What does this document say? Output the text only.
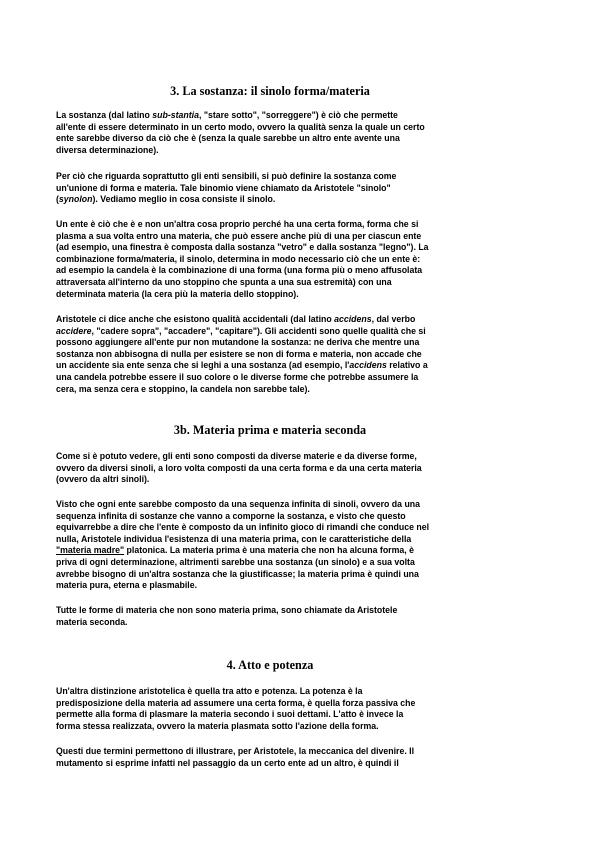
3. La sostanza: il sinolo forma/materia

La sostanza (dal latino sub-stantia, "stare sotto", "sorreggere") è ciò che permette
all'ente di essere determinato in un certo modo, ovvero la qualità senza la quale un certo
ente sarebbe diverso da ciò che è (senza la quale sarebbe un altro ente avente una
diversa determinazione).

Per ciò che riguarda soprattutto gli enti sensibili, si può definire la sostanza come
un'unione di forma e materia. Tale binomio viene chiamato da Aristotele "sinolo"
(synolon). Vediamo meglio in cosa consiste il sinolo.

Un ente è ciò che è e non un'altra cosa proprio perché ha una certa forma, forma che si
plasma a sua volta entro una materia, che può essere anche più di una per ciascun ente
(ad esempio, una finestra è composta dalla sostanza "vetro" e dalla sostanza "legno"). La
combinazione forma/materia, il sinolo, determina in modo necessario ciò che un ente è:
ad esempio la candela è la combinazione di una forma (una forma più o meno affusolata
attraversata all'interno da uno stoppino che spunta a una sua estremità) con una
determinata materia (la cera più la materia dello stoppino).

Aristotele ci dice anche che esistono qualità accidentali (dal latino accidens, dal verbo
accidere, "cadere sopra", "accadere", "capitare"). Gli accidenti sono quelle qualità che si
possono aggiungere all'ente pur non mutandone la sostanza: ne deriva che mentre una
sostanza non abbisogna di nulla per esistere se non di forma e materia, non accade che
un accidente sia ente senza che si leghi a una sostanza (ad esempio, l'accidens relativo a
una candela potrebbe essere il suo colore o le diverse forme che potrebbe assumere la
cera, ma senza cera e stoppino, la candela non sarebbe tale).

3b. Materia prima e materia seconda

Come si è potuto vedere, gli enti sono composti da diverse materie e da diverse forme,
ovvero da diversi sinoli, a loro volta composti da una certa forma e da una certa materia
(ovvero da altri sinoli).

Visto che ogni ente sarebbe composto da una sequenza infinita di sinoli, ovvero da una
sequenza infinita di sostanze che vanno a comporne la sostanza, e visto che questo
equivarrebbe a dire che l'ente è composto da un infinito gioco di rimandi che conduce nel
nulla, Aristotele individua l'esistenza di una materia prima, con le caratteristiche della
"materia madre" platonica. La materia prima è una materia che non ha alcuna forma, è
priva di ogni determinazione, altrimenti sarebbe una sostanza (un sinolo) e a sua volta
avrebbe bisogno di un'altra sostanza che la giustificasse; la materia prima è quindi una
materia pura, eterna e plasmabile.

Tutte le forme di materia che non sono materia prima, sono chiamate da Aristotele
materia seconda.

4. Atto e potenza

Un'altra distinzione aristotelica è quella tra atto e potenza. La potenza è la
predisposizione della materia ad assumere una certa forma, è quella forza passiva che
permette alla forma di plasmare la materia secondo i suoi dettami. L'atto è invece la
forma stessa realizzata, ovvero la materia plasmata sotto l'azione della forma.

Questi due termini permettono di illustrare, per Aristotele, la meccanica del divenire. Il
mutamento si esprime infatti nel passaggio da un certo ente ad un altro, è quindi il
